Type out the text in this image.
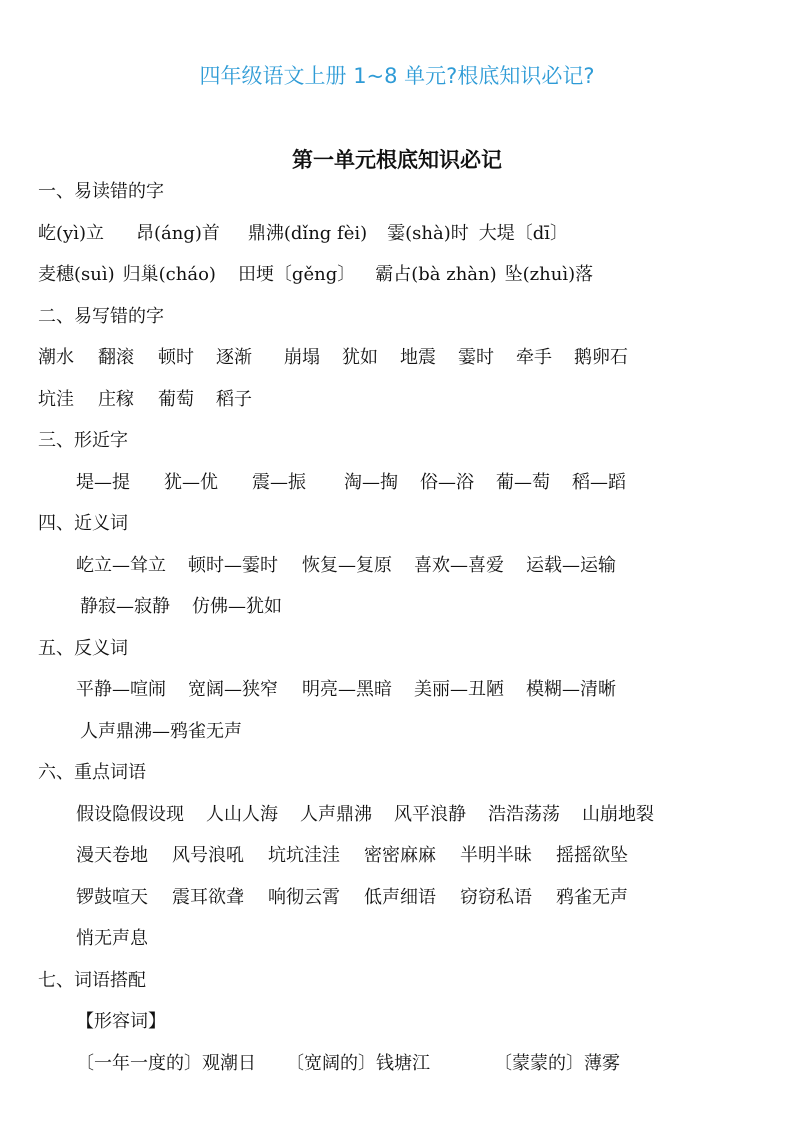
四年级语文上册 1~8 单元?根底知识必记?
第一单元根底知识必记
一、易读错的字
屹(yì)立 昂(áng)首 鼎沸(dǐng fèi) 霎(shà)时 大堤〔dī〕
麦穗(suì) 归巢(cháo) 田埂〔gěng〕 霸占(bà zhàn) 坠(zhuì)落
二、易写错的字
潮水 翻滚 顿时 逐渐 崩塌 犹如 地震 霎时 牵手 鹅卵石
坑洼 庄稼 葡萄 稻子
三、形近字
堤—提 犹—优 震—振 淘—掏 俗—浴 葡—萄 稻—蹈
四、近义词
屹立—耸立 顿时—霎时 恢复—复原 喜欢—喜爱 运载—运输
静寂—寂静 仿佛—犹如
五、反义词
平静—喧闹 宽阔—狭窄 明亮—黑暗 美丽—丑陋 模糊—清晰
人声鼎沸—鸦雀无声
六、重点词语
假设隐假设现 人山人海 人声鼎沸 风平浪静 浩浩荡荡 山崩地裂
漫天卷地 风号浪吼 坑坑洼洼 密密麻麻 半明半昧 摇摇欲坠
锣鼓喧天 震耳欲聋 响彻云霄 低声细语 窃窃私语 鸦雀无声
悄无声息
七、词语搭配
【形容词】
〔一年一度的〕观潮日 〔宽阔的〕钱塘江	〔蒙蒙的〕薄雾
